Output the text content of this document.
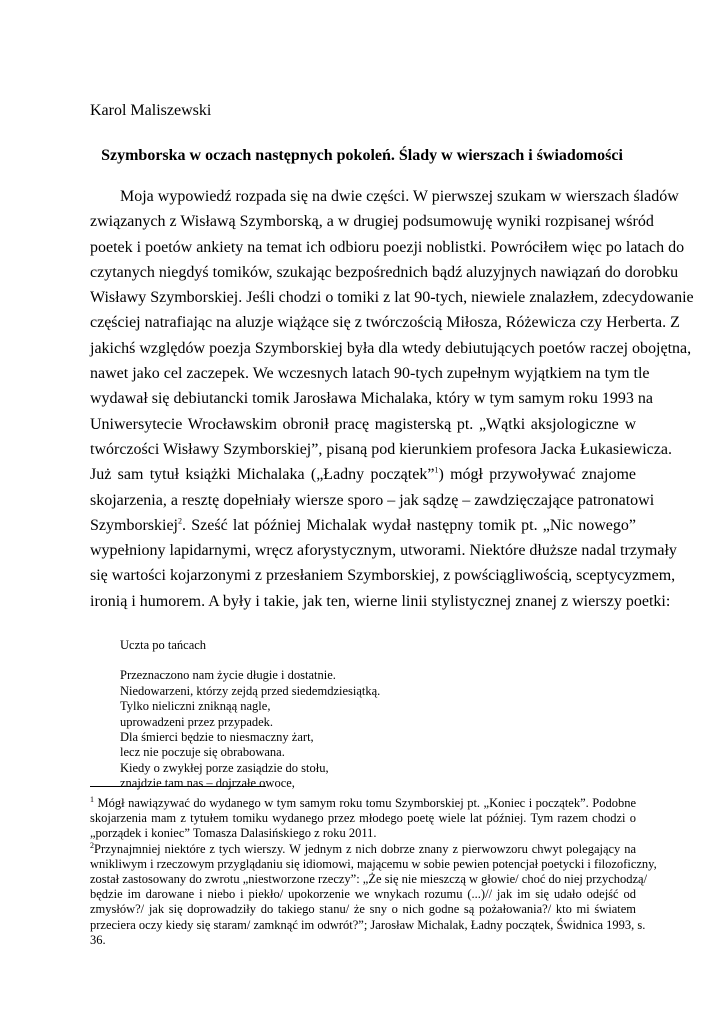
Karol Maliszewski
Szymborska w oczach następnych pokoleń. Ślady w wierszach i świadomości
Moja wypowiedź rozpada się na dwie części. W pierwszej szukam w wierszach śladów
związanych z Wisławą Szymborską, a w drugiej podsumowuję wyniki rozpisanej wśród
poetek i poetów ankiety na temat ich odbioru poezji noblistki. Powróciłem więc po latach do
czytanych niegdyś tomików, szukając bezpośrednich bądź aluzyjnych nawiązań do dorobku
Wisławy Szymborskiej. Jeśli chodzi o tomiki z lat 90-tych, niewiele znalazłem, zdecydowanie
częściej natrafiając na aluzje wiążące się z twórczością Miłosza, Różewicza czy Herberta. Z
jakichś względów poezja Szymborskiej była dla wtedy debiutujących poetów raczej obojętna,
nawet jako cel zaczepek. We wczesnych latach 90-tych zupełnym wyjątkiem na tym tle
wydawał się debiutancki tomik Jarosława Michalaka, który w tym samym roku 1993 na
Uniwersytecie Wrocławskim obronił pracę magisterską pt. „Wątki aksjologiczne w
twórczości Wisławy Szymborskiej”, pisaną pod kierunkiem profesora Jacka Łukasiewicza.
Już sam tytuł książki Michalaka („Ładny początek”$^1$) mógł przywoływać znajome
skojarzenia, a resztę dopełniały wiersze sporo – jak sądzę – zawdzięczające patronatowi
Szymborskiej$^2$. Sześć lat później Michalak wydał następny tomik pt. „Nic nowego”
wypełniony lapidarnymi, wręcz aforystycznym, utworami. Niektóre dłuższe nadal trzymały
się wartości kojarzonymi z przesłaniem Szymborskiej, z powściągliwością, sceptycyzmem,
ironią i humorem. A były i takie, jak ten, wierne linii stylistycznej znanej z wierszy poetki:
Uczta po tańcach
Przeznaczono nam życie długie i dostatnie.
Niedowarzeni, którzy zejdą przed siedemdziesiątką.
Tylko nieliczni zniknąą nagle,
uprowadzeni przez przypadek.
Dla śmierci będzie to niesmaczny żart,
lecz nie poczuje się obrabowana.
Kiedy o zwykłej porze zasiądzie do stołu,
znajdzie tam nas – dojrzałe owoce,
$^1$ Mógł nawiązywać do wydanego w tym samym roku tomu Szymborskiej pt. „Koniec i początek”. Podobne
skojarzenia mam z tytułem tomiku wydanego przez młodego poetę wiele lat później. Tym razem chodzi o
„porządek i koniec” Tomasza Dalasińskiego z roku 2011.
$^2$Przynajmniej niektóre z tych wierszy. W jednym z nich dobrze znany z pierwowzoru chwyt polegający na
wnikliwym i rzeczowym przyglądaniu się idiomowi, mającemu w sobie pewien potencjał poetycki i filozoficzny,
został zastosowany do zwrotu „niestworzone rzeczy”: „Że się nie mieszczą w głowie/ choć do niej przychodzą/
będzie im darowane i niebo i piekło/ upokorzenie we wnykach rozumu (...)// jak im się udało odejść od
zmysłów?/ jak się doprowadziły do takiego stanu/ że sny o nich godne są pożałowania?/ kto mi światem
przeciera oczy kiedy się staram/ zamknąć im odwrót?”; Jarosław Michalak, Ładny początek, Świdnica 1993, s.
36.
